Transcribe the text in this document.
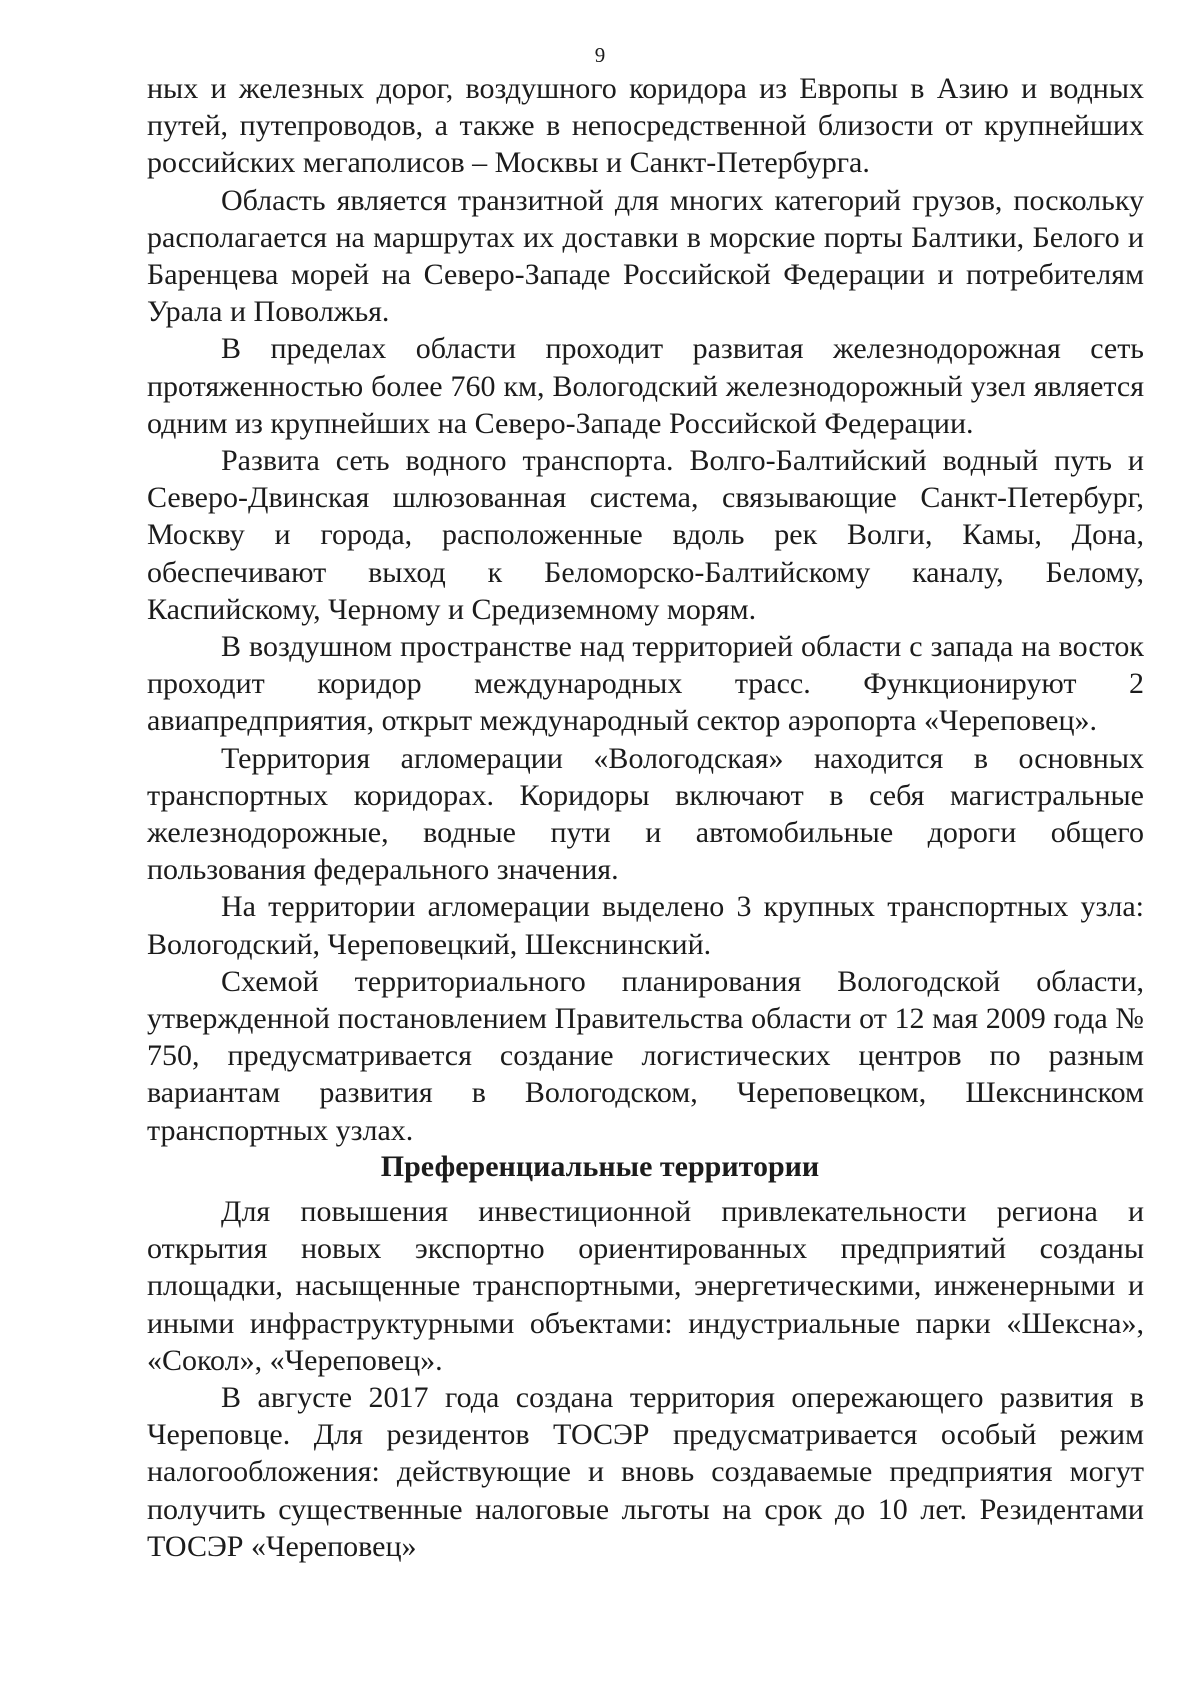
9

ных и железных дорог, воздушного коридора из Европы в Азию и водных путей, путепроводов, а также в непосредственной близости от крупнейших российских мегаполисов – Москвы и Санкт-Петербурга.

Область является транзитной для многих категорий грузов, поскольку располагается на маршрутах их доставки в морские порты Балтики, Белого и Баренцева морей на Северо-Западе Российской Федерации и потребителям Урала и Поволжья.

В пределах области проходит развитая железнодорожная сеть протяженностью более 760 км, Вологодский железнодорожный узел является одним из крупнейших на Северо-Западе Российской Федерации.

Развита сеть водного транспорта. Волго-Балтийский водный путь и Северо-Двинская шлюзованная система, связывающие Санкт-Петербург, Москву и города, расположенные вдоль рек Волги, Камы, Дона, обеспечивают выход к Беломорско-Балтийскому каналу, Белому, Каспийскому, Черному и Средиземному морям.

В воздушном пространстве над территорией области с запада на восток проходит коридор международных трасс. Функционируют 2 авиапредприятия, открыт международный сектор аэропорта «Череповец».

Территория агломерации «Вологодская» находится в основных транспортных коридорах. Коридоры включают в себя магистральные железнодорожные, водные пути и автомобильные дороги общего пользования федерального значения.

На территории агломерации выделено 3 крупных транспортных узла: Вологодский, Череповецкий, Шекснинский.

Схемой территориального планирования Вологодской области, утвержденной постановлением Правительства области от 12 мая 2009 года № 750, предусматривается создание логистических центров по разным вариантам развития в Вологодском, Череповецком, Шекснинском транспортных узлах.

Преференциальные территории

Для повышения инвестиционной привлекательности региона и открытия новых экспортно ориентированных предприятий созданы площадки, насыщенные транспортными, энергетическими, инженерными и иными инфраструктурными объектами: индустриальные парки «Шексна», «Сокол», «Череповец».

В августе 2017 года создана территория опережающего развития в Череповце. Для резидентов ТОСЭР предусматривается особый режим налогообложения: действующие и вновь создаваемые предприятия могут получить существенные налоговые льготы на срок до 10 лет. Резидентами ТОСЭР «Череповец»
